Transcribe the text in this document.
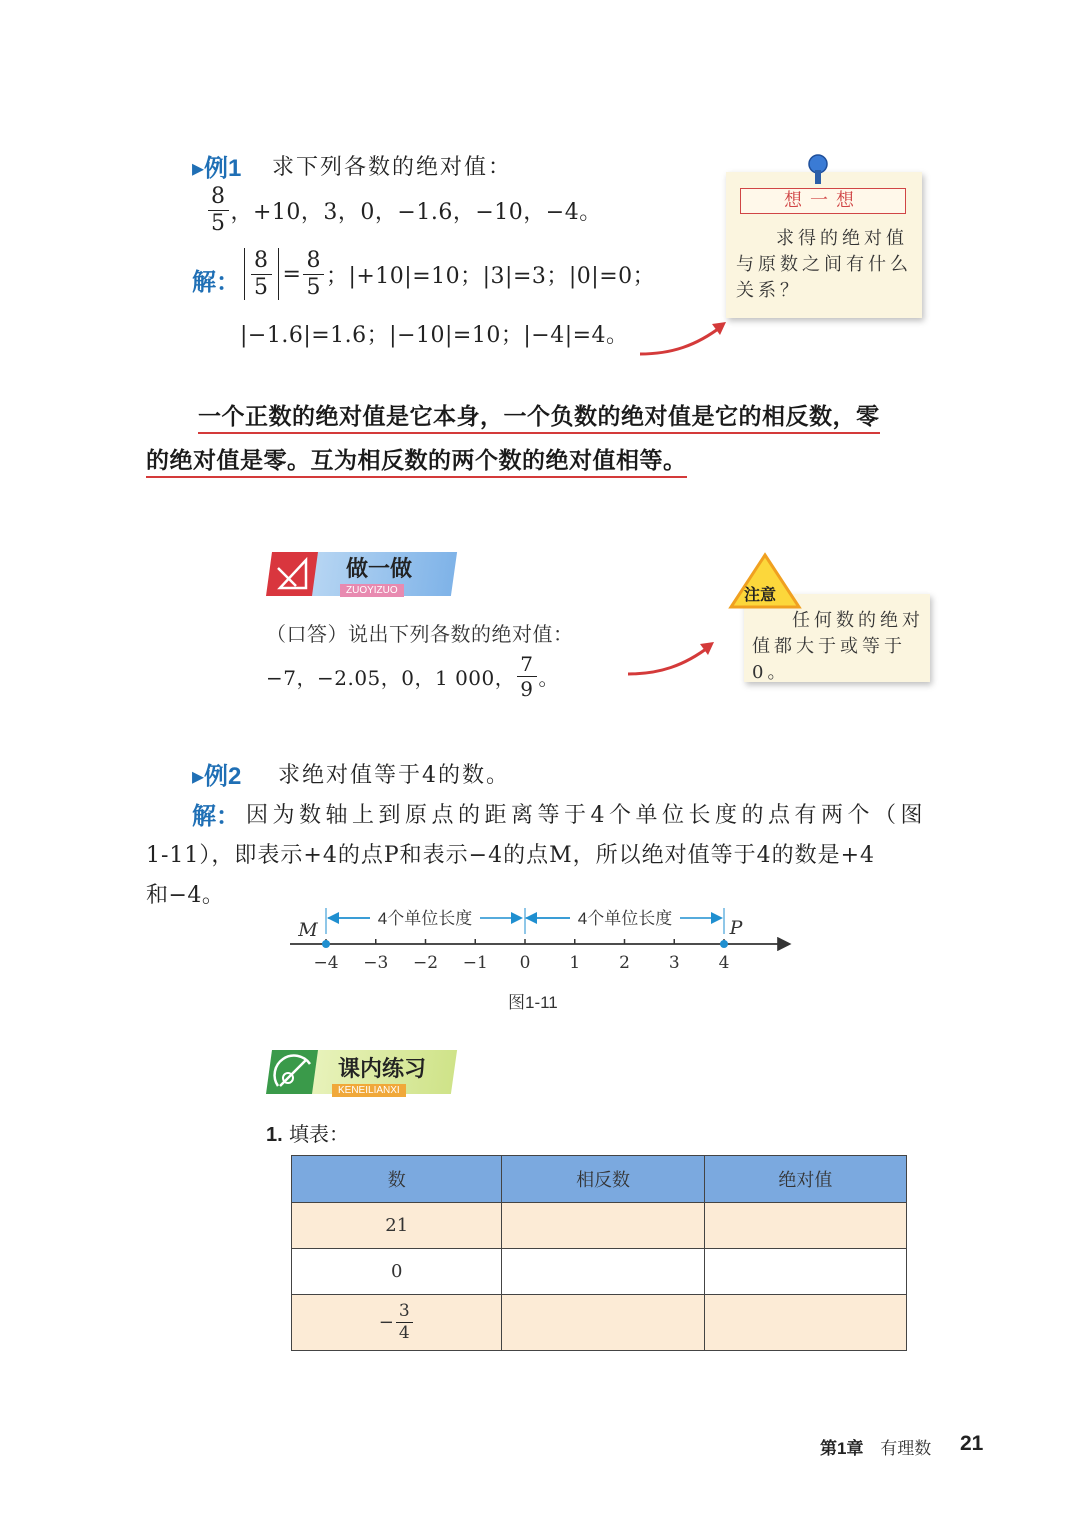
▸例1 求下列各数的绝对值：
$\frac{8}{5}$ ，+10，3，0，−1.6，−10，−4。
解： $\frac{8}{5} = \frac{8}{5}$ ；|+10|=10；|3|=3；|0|=0；
|−1.6|=1.6；|−10|=10；|−4|=4。
想一想
求得的绝对值与原数之间有什么关系？
一个正数的绝对值是它本身，一个负数的绝对值是它的相反数，零
的绝对值是零。互为相反数的两个数的绝对值相等。
做一做
ZUOYIZUO
（口答）说出下列各数的绝对值：
−7，−2.05，0，1 000， $\frac{7}{9}$ 。
任何数的绝对值都大于或等于0。
注意
▸例2 求绝对值等于4的数。
解： 因为数轴上到原点的距离等于4个单位长度的点有两个（图
1-11），即表示+4的点P和表示−4的点M，所以绝对值等于4的数是+4
和−4。
−4 −3 −2 −1 0 1 2 3 4
4个单位长度	4个单位长度
M	P
图1-11
课内练习
KENEILIANXI
1. 填表：
数	相反数	绝对值
21		
0		

− $\frac{3}{4}$

第1章 有理数 21
